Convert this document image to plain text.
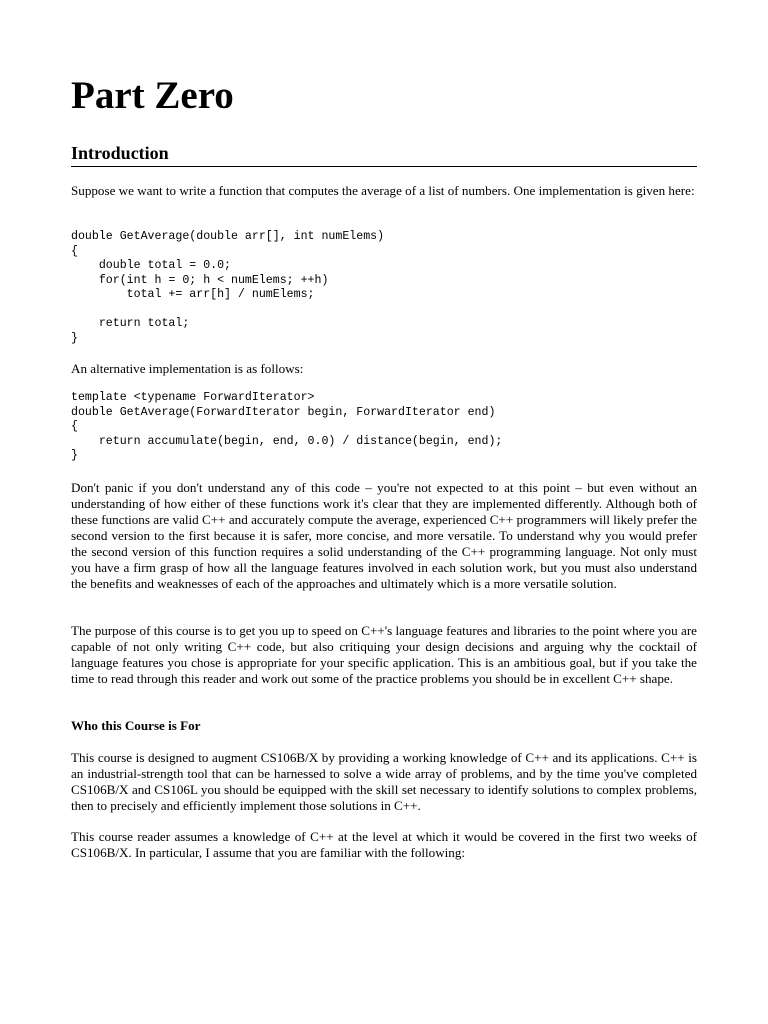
Part Zero
Introduction

Suppose we want to write a function that computes the average of a list of numbers. One implementation is given here:

double GetAverage(double arr[], int numElems)
{
double total = 0.0;
for(int h = 0; h < numElems; ++h)
total += arr[h] / numElems;

return total;
}

An alternative implementation is as follows:

template <typename ForwardIterator>
double GetAverage(ForwardIterator begin, ForwardIterator end)
{
return accumulate(begin, end, 0.0) / distance(begin, end);
}

Don't panic if you don't understand any of this code – you're not expected to at this point – but even without an understanding of how either of these functions work it's clear that they are implemented differently. Although both of these functions are valid C++ and accurately compute the average, experienced C++ programmers will likely prefer the second version to the first because it is safer, more concise, and more versatile. To understand why you would prefer the second version of this function requires a solid understanding of the C++ programming language. Not only must you have a firm grasp of how all the language features involved in each solution work, but you must also understand the benefits and weaknesses of each of the approaches and ultimately which is a more versatile solution.

The purpose of this course is to get you up to speed on C++'s language features and libraries to the point where you are capable of not only writing C++ code, but also critiquing your design decisions and arguing why the cocktail of language features you chose is appropriate for your specific application. This is an ambitious goal, but if you take the time to read through this reader and work out some of the practice problems you should be in excellent C++ shape.

Who this Course is For

This course is designed to augment CS106B/X by providing a working knowledge of C++ and its applications. C++ is an industrial-strength tool that can be harnessed to solve a wide array of problems, and by the time you've completed CS106B/X and CS106L you should be equipped with the skill set necessary to identify solutions to complex problems, then to precisely and efficiently implement those solutions in C++.

This course reader assumes a knowledge of C++ at the level at which it would be covered in the first two weeks of CS106B/X. In particular, I assume that you are familiar with the following:
